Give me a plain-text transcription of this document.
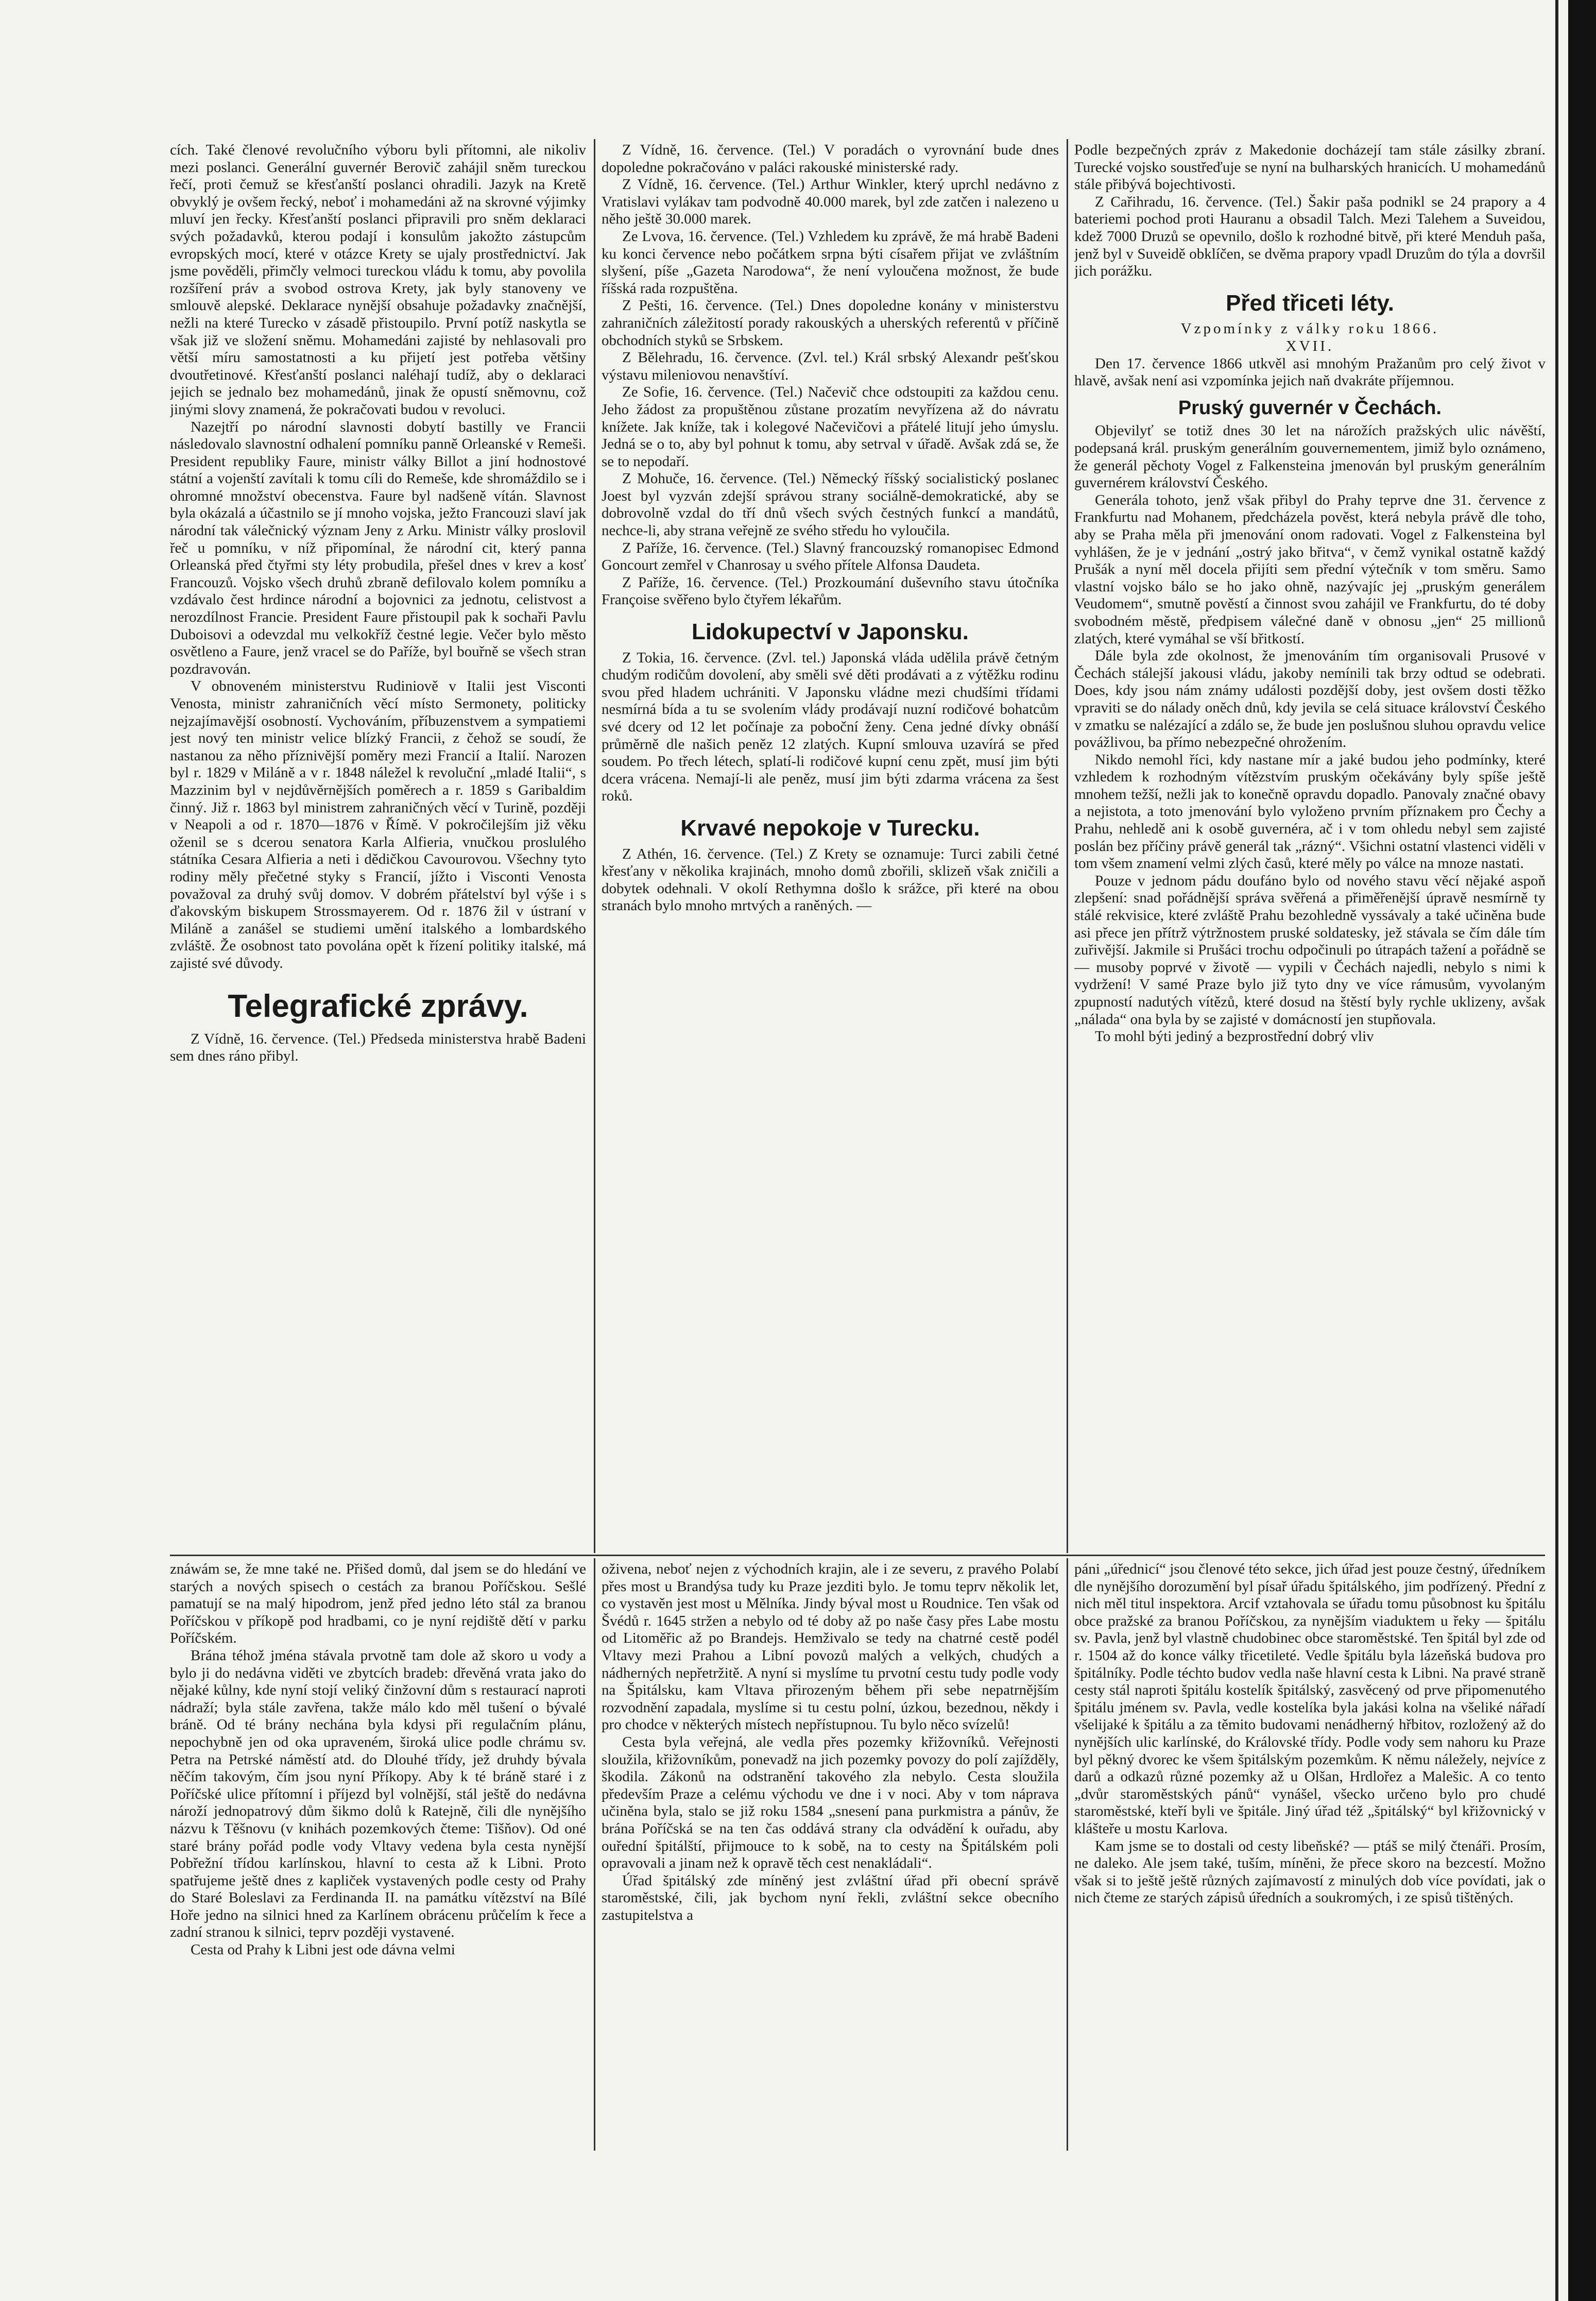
cích. Také členové revolučního výboru byli přítomni, ale nikoliv mezi poslanci. Generální guvernér Berovič zahájil sněm tureckou řečí, proti čemuž se křesťanští poslanci ohradili. Jazyk na Kretě obvyklý je ovšem řecký, neboť i mohamedáni až na skrovné výjimky mluví jen řecky. Křesťanští poslanci připravili pro sněm deklaraci svých požadavků, kterou podají i konsulům jakožto zástupcům evropských mocí, které v otázce Krety se ujaly prostřednictví. Jak jsme pověděli, přimčly velmoci tureckou vládu k tomu, aby povolila rozšíření práv a svobod ostrova Krety, jak byly stanoveny ve smlouvě alepské. Deklarace nynější obsahuje požadavky značnější, nežli na které Turecko v zásadě přistoupilo. První potíž naskytla se však již ve složení sněmu. Mohamedáni zajisté by nehlasovali pro větší míru samostatnosti a ku přijetí jest potřeba většiny dvoutřetinové. Křesťanští poslanci naléhají tudíž, aby o deklaraci jejich se jednalo bez mohamedánů, jinak že opustí sněmovnu, což jinými slovy znamená, že pokračovati budou v revoluci.

Nazejtří po národní slavnosti dobytí bastilly ve Francii následovalo slavnostní odhalení pomníku panně Orleanské v Remeši. President republiky Faure, ministr války Billot a jiní hodnostové státní a vojenští zavítali k tomu cíli do Remeše, kde shromáždilo se i ohromné množství obecenstva. Faure byl nadšeně vítán. Slavnost byla okázalá a účastnilo se jí mnoho vojska, ježto Francouzi slaví jak národní tak válečnický význam Jeny z Arku. Ministr války proslovil řeč u pomníku, v níž připomínal, že národní cit, který panna Orleanská před čtyřmi sty léty probudila, přešel dnes v krev a kosť Francouzů. Vojsko všech druhů zbraně defilovalo kolem pomníku a vzdávalo čest hrdince národní a bojovnici za jednotu, celistvost a nerozdílnost Francie. President Faure přistoupil pak k sochaři Pavlu Duboisovi a odevzdal mu velkokříž čestné legie. Večer bylo město osvětleno a Faure, jenž vracel se do Paříže, byl bouřně se všech stran pozdravován.

V obnoveném ministerstvu Rudiniově v Italii jest Visconti Venosta, ministr zahraničních věcí místo Sermonety, politicky nejzajímavější osobností. Vychováním, příbuzenstvem a sympatiemi jest nový ten ministr velice blízký Francii, z čehož se soudí, že nastanou za něho příznivější poměry mezi Francií a Italií. Narozen byl r. 1829 v Miláně a v r. 1848 náležel k revoluční „mladé Italii“, s Mazzinim byl v nejdůvěrnějších poměrech a r. 1859 s Garibaldim činný. Již r. 1863 byl ministrem zahraničných věcí v Turině, později v Neapoli a od r. 1870—1876 v Římě. V pokročilejším již věku oženil se s dcerou senatora Karla Alfieria, vnučkou proslulého státníka Cesara Alfieria a neti i dědičkou Cavourovou. Všechny tyto rodiny měly přečetné styky s Francií, jížto i Visconti Venosta považoval za druhý svůj domov. V dobrém přátelství byl výše i s ďakovským biskupem Strossmayerem. Od r. 1876 žil v ústraní v Miláně a zanášel se studiemi umění italského a lombardského zvláště. Že osobnost tato povolána opět k řízení politiky italské, má zajisté své důvody.

Telegrafické zprávy.

Z Vídně, 16. července. (Tel.) Předseda ministerstva hrabě Badeni sem dnes ráno přibyl.

Z Vídně, 16. července. (Tel.) V poradách o vyrovnání bude dnes dopoledne pokračováno v paláci rakouské ministerské rady.

Z Vídně, 16. července. (Tel.) Arthur Winkler, který uprchl nedávno z Vratislavi vylákav tam podvodně 40.000 marek, byl zde zatčen i nalezeno u něho ještě 30.000 marek.

Ze Lvova, 16. července. (Tel.) Vzhledem ku zprávě, že má hrabě Badeni ku konci července nebo počátkem srpna býti císařem přijat ve zvláštním slyšení, píše „Gazeta Narodowa“, že není vyloučena možnost, že bude říšská rada rozpuštěna.

Z Pešti, 16. července. (Tel.) Dnes dopoledne konány v ministerstvu zahraničních záležitostí porady rakouských a uherských referentů v příčině obchodních styků se Srbskem.

Z Bělehradu, 16. července. (Zvl. tel.) Král srbský Alexandr pešťskou výstavu mileniovou nenavštíví.

Ze Sofie, 16. července. (Tel.) Načevič chce odstoupiti za každou cenu. Jeho žádost za propuštěnou zůstane prozatím nevyřízena až do návratu knížete. Jak kníže, tak i kolegové Načevičovi a přátelé litují jeho úmyslu. Jedná se o to, aby byl pohnut k tomu, aby setrval v úřadě. Avšak zdá se, že se to nepodaří.

Z Mohuče, 16. července. (Tel.) Německý říšský socialistický poslanec Joest byl vyzván zdejší správou strany sociálně-demokratické, aby se dobrovolně vzdal do tří dnů všech svých čestných funkcí a mandátů, nechce-li, aby strana veřejně ze svého středu ho vyloučila.

Z Paříže, 16. července. (Tel.) Slavný francouzský romanopisec Edmond Goncourt zemřel v Chanrosay u svého přítele Alfonsa Daudeta.

Z Paříže, 16. července. (Tel.) Prozkoumání duševního stavu útočníka Françoise svěřeno bylo čtyřem lékařům.

Lidokupectví v Japonsku.

Z Tokia, 16. července. (Zvl. tel.) Japonská vláda udělila právě četným chudým rodičům dovolení, aby směli své děti prodávati a z výtěžku rodinu svou před hladem uchrániti. V Japonsku vládne mezi chudšími třídami nesmírná bída a tu se svolením vlády prodávají nuzní rodičové bohatcům své dcery od 12 let počínaje za poboční ženy. Cena jedné dívky obnáší průměrně dle našich peněz 12 zlatých. Kupní smlouva uzavírá se před soudem. Po třech létech, splatí-li rodičové kupní cenu zpět, musí jim býti dcera vrácena. Nemají-li ale peněz, musí jim býti zdarma vrácena za šest roků.

Krvavé nepokoje v Turecku.

Z Athén, 16. července. (Tel.) Z Krety se oznamuje: Turci zabili četné křesťany v několika krajinách, mnoho domů zbořili, sklizeň však zničili a dobytek odehnali. V okolí Rethymna došlo k srážce, při které na obou stranách bylo mnoho mrtvých a raněných. —

Podle bezpečných zpráv z Makedonie docházejí tam stále zásilky zbraní. Turecké vojsko soustřeďuje se nyní na bulharských hranicích. U mohamedánů stále přibývá bojechtivosti.

Z Cařihradu, 16. července. (Tel.) Šakir paša podnikl se 24 prapory a 4 bateriemi pochod proti Hauranu a obsadil Talch. Mezi Talehem a Suveidou, kdež 7000 Druzů se opevnilo, došlo k rozhodné bitvě, při které Menduh paša, jenž byl v Suveidě obklíčen, se dvěma prapory vpadl Druzům do týla a dovršil jich porážku.

Před třiceti léty.
Vzpomínky z války roku 1866.
XVII.

Den 17. července 1866 utkvěl asi mnohým Pražanům pro celý život v hlavě, avšak není asi vzpomínka jejich naň dvakráte příjemnou.

Pruský guvernér v Čechách.

Objevilyť se totiž dnes 30 let na nárožích pražských ulic návěští, podepsaná král. pruským generálním gouvernementem, jimiž bylo oznámeno, že generál pěchoty Vogel z Falkensteina jmenován byl pruským generálním guvernérem království Českého.

Generála tohoto, jenž však přibyl do Prahy teprve dne 31. července z Frankfurtu nad Mohanem, předcházela pověst, která nebyla právě dle toho, aby se Praha měla při jmenování onom radovati. Vogel z Falkensteina byl vyhlášen, že je v jednání „ostrý jako břitva“, v čemž vynikal ostatně každý Prušák a nyní měl docela přijíti sem přední výtečník v tom směru. Samo vlastní vojsko bálo se ho jako ohně, nazývajíc jej „pruským generálem Veudomem“, smutně pověstí a činnost svou zahájil ve Frankfurtu, do té doby svobodném městě, předpisem válečné daně v obnosu „jen“ 25 millionů zlatých, které vymáhal se vší břitkostí.

Dále byla zde okolnost, že jmenováním tím organisovali Prusové v Čechách stálejší jakousi vládu, jakoby nemínili tak brzy odtud se odebrati. Does, kdy jsou nám známy události pozdější doby, jest ovšem dosti těžko vpraviti se do nálady oněch dnů, kdy jevila se celá situace království Českého v zmatku se nalézající a zdálo se, že bude jen poslušnou sluhou opravdu velice povážlivou, ba přímo nebezpečné ohrožením.

Nikdo nemohl říci, kdy nastane mír a jaké budou jeho podmínky, které vzhledem k rozhodným vítězstvím pruským očekávány byly spíše ještě mnohem težší, nežli jak to konečně opravdu dopadlo. Panovaly značné obavy a nejistota, a toto jmenování bylo vyloženo prvním příznakem pro Čechy a Prahu, nehledě ani k osobě guvernéra, ač i v tom ohledu nebyl sem zajisté poslán bez příčiny právě generál tak „rázný“. Všichni ostatní vlastenci viděli v tom všem znamení velmi zlých časů, které měly po válce na mnoze nastati.

Pouze v jednom pádu doufáno bylo od nového stavu věcí nějaké aspoň zlepšení: snad pořádnější správa svěřená a přiměřenější úpravě nesmírně ty stálé rekvisice, které zvláště Prahu bezohledně vyssávaly a také učiněna bude asi přece jen přítrž výtržnostem pruské soldatesky, jež stávala se čím dále tím zuřivější. Jakmile si Prušáci trochu odpočinuli po útrapách tažení a pořádně se — musoby poprvé v životě — vypili v Čechách najedli, nebylo s nimi k vydržení! V samé Praze bylo již tyto dny ve více rámusům, vyvolaným zpupností nadutých vítězů, které dosud na štěstí byly rychle uklizeny, avšak „nálada“ ona byla by se zajisté v domácností jen stupňovala.

To mohl býti jediný a bezprostřední dobrý vliv

znáwám se, že mne také ne. Přišed domů, dal jsem se do hledání ve starých a nových spisech o cestách za branou Poříčskou. Sešlé pamatují se na malý hipodrom, jenž před jedno léto stál za branou Poříčskou v příkopě pod hradbami, co je nyní rejdiště dětí v parku Poříčském.

Brána téhož jména stávala prvotně tam dole až skoro u vody a bylo ji do nedávna viděti ve zbytcích bradeb: dřevěná vrata jako do nějaké kůlny, kde nyní stojí veliký činžovní dům s restaurací naproti nádraží; byla stále zavřena, takže málo kdo měl tušení o bývalé bráně. Od té brány nechána byla kdysi při regulačním plánu, nepochybně jen od oka upraveném, široká ulice podle chrámu sv. Petra na Petrské náměstí atd. do Dlouhé třídy, jež druhdy bývala něčím takovým, čím jsou nyní Příkopy. Aby k té bráně staré i z Poříčské ulice přítomní i příjezd byl volnější, stál ještě do nedávna nároží jednopatrový dům šikmo dolů k Ratejně, čili dle nynějšího názvu k Těšnovu (v knihách pozemkových čteme: Tišňov). Od oné staré brány pořád podle vody Vltavy vedena byla cesta nynější Pobřežní třídou karlínskou, hlavní to cesta až k Libni. Proto spatřujeme ještě dnes z kapliček vystavených podle cesty od Prahy do Staré Boleslavi za Ferdinanda II. na památku vítězství na Bílé Hoře jedno na silnici hned za Karlínem obrácenu průčelím k řece a zadní stranou k silnici, teprv později vystavené.

Cesta od Prahy k Libni jest ode dávna velmi

oživena, neboť nejen z východních krajin, ale i ze severu, z pravého Polabí přes most u Brandýsa tudy ku Praze jezditi bylo. Je tomu teprv několik let, co vystavěn jest most u Mělníka. Jindy býval most u Roudnice. Ten však od Švédů r. 1645 stržen a nebylo od té doby až po naše časy přes Labe mostu od Litoměřic až po Brandejs. Hemživalo se tedy na chatrné cestě podél Vltavy mezi Prahou a Libní povozů malých a velkých, chudých a nádherných nepřetržitě. A nyní si myslíme tu prvotní cestu tudy podle vody na Špitálsku, kam Vltava přirozeným během při sebe nepatrnějším rozvodnění zapadala, myslíme si tu cestu polní, úzkou, bezednou, někdy i pro chodce v některých místech nepřístupnou. Tu bylo něco svízelů!

Cesta byla veřejná, ale vedla přes pozemky křižovníků. Veřejnosti sloužila, křižovníkům, ponevadž na jich pozemky povozy do polí zajížděly, škodila. Zákonů na odstranění takového zla nebylo. Cesta sloužila především Praze a celému východu ve dne i v noci. Aby v tom náprava učiněna byla, stalo se již roku 1584 „snesení pana purkmistra a pánův, že brána Poříčská se na ten čas oddává strany cla odvádění k ouřadu, aby ouřední špitálští, přijmouce to k sobě, na to cesty na Špitálském poli opravovali a jinam než k opravě těch cest nenakládali“.

Úřad špitálský zde míněný jest zvláštní úřad při obecní správě staroměstské, čili, jak bychom nyní řekli, zvláštní sekce obecního zastupitelstva a

páni „úřednicí“ jsou členové této sekce, jich úřad jest pouze čestný, úředníkem dle nynějšího dorozumění byl písař úřadu špitálského, jim podřízený. Přední z nich měl titul inspektora. Arcif vztahovala se úřadu tomu působnost ku špitálu obce pražské za branou Poříčskou, za nynějším viaduktem u řeky — špitálu sv. Pavla, jenž byl vlastně chudobinec obce staroměstské. Ten špitál byl zde od r. 1504 až do konce války třicetileté. Vedle špitálu byla lázeňská budova pro špitálníky. Podle téchto budov vedla naše hlavní cesta k Libni. Na pravé straně cesty stál naproti špitálu kostelík špitálský, zasvěcený od prve připomenutého špitálu jménem sv. Pavla, vedle kostelíka byla jakási kolna na všeliké nářadí všelijaké k špitálu a za těmito budovami nenádherný hřbitov, rozložený až do nynějších ulic karlínské, do Královské třídy. Podle vody sem nahoru ku Praze byl pěkný dvorec ke všem špitálským pozemkům. K němu náležely, nejvíce z darů a odkazů různé pozemky až u Olšan, Hrdlořez a Malešic. A co tento „dvůr staroměstských pánů“ vynášel, všecko určeno bylo pro chudé staroměstské, kteří byli ve špitále. Jiný úřad též „špitálský“ byl křižovnický v klášteře u mostu Karlova.

Kam jsme se to dostali od cesty libeňské? — ptáš se milý čtenáři. Prosím, ne daleko. Ale jsem také, tuším, míněni, že přece skoro na bezcestí. Možno však si to ještě ještě různých zajímavostí z minulých dob více povídati, jak o nich čteme ze starých zápisů úředních a soukromých, i ze spisů tištěných.
